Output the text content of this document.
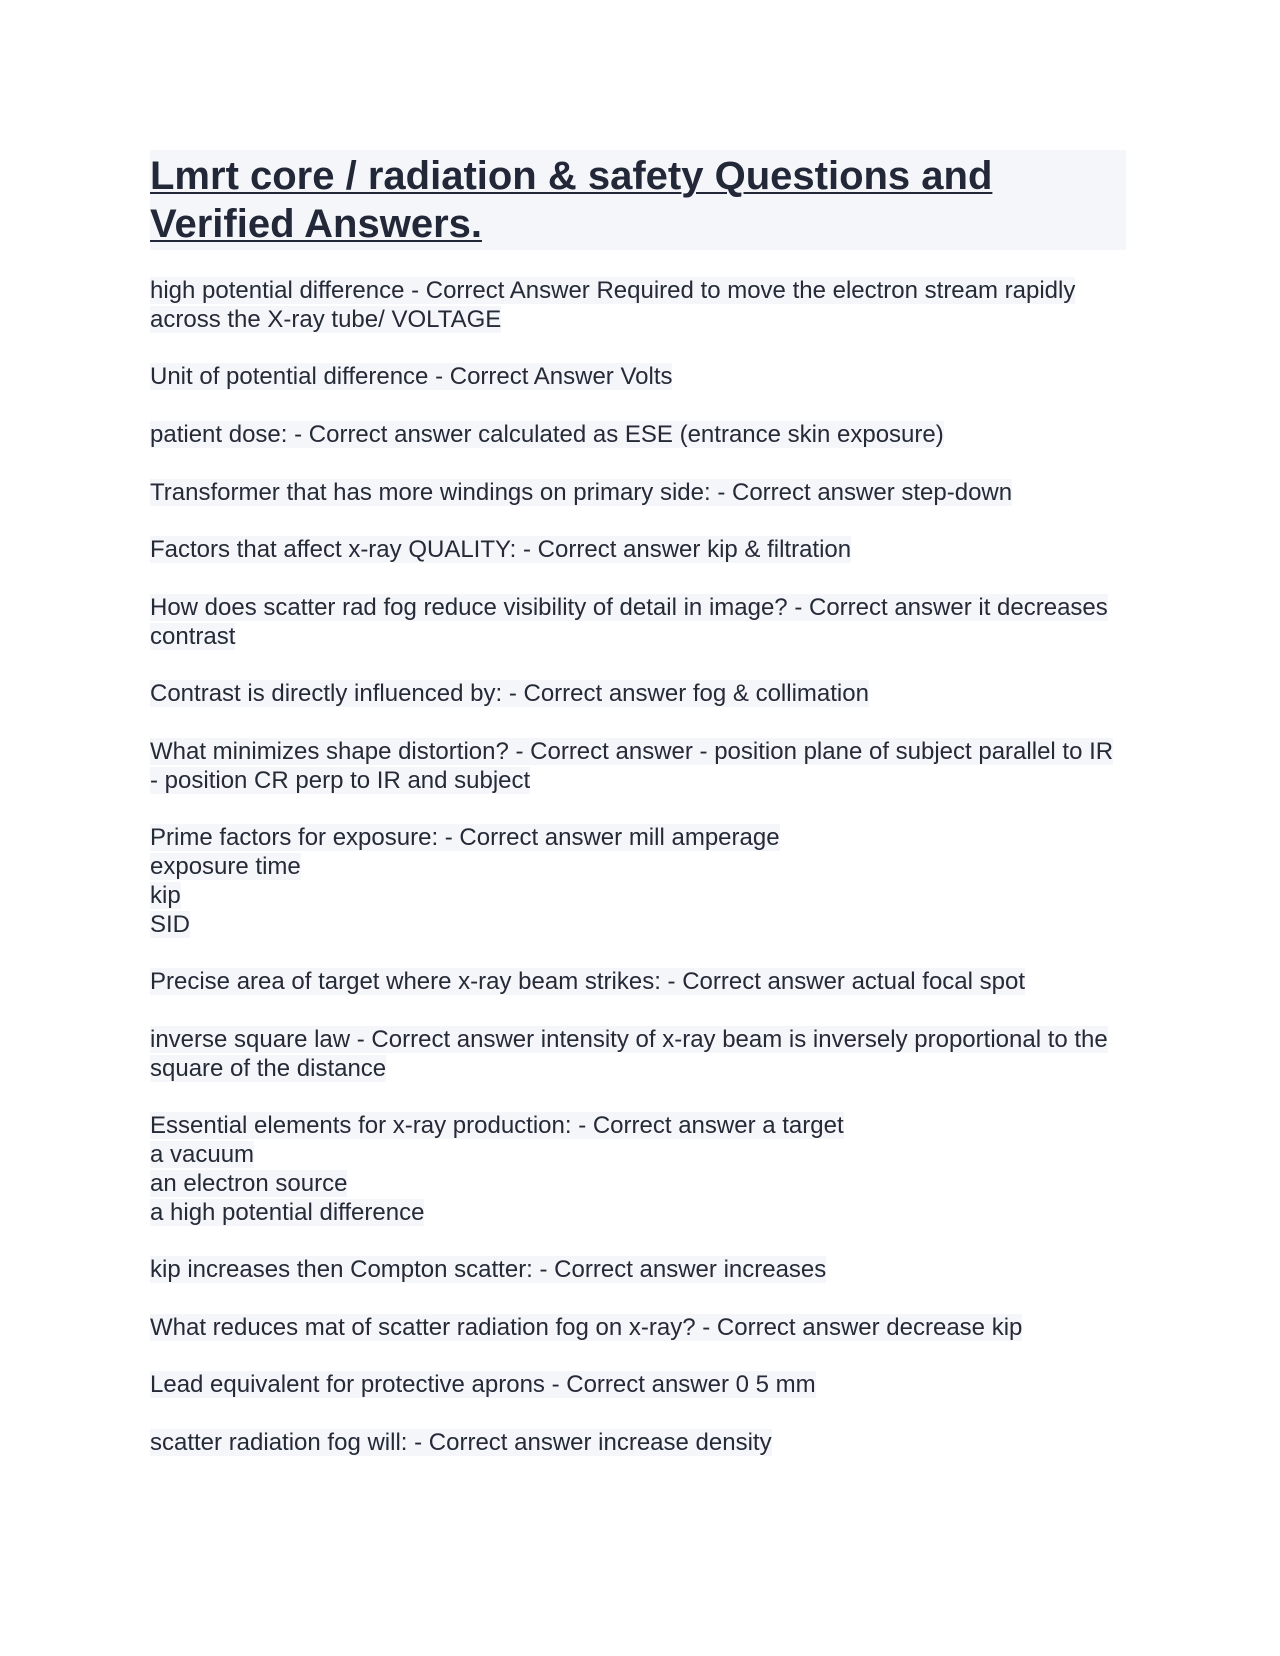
Lmrt core / radiation & safety Questions and Verified Answers.
high potential difference - Correct Answer Required to move the electron stream rapidly across the X-ray tube/ VOLTAGE
Unit of potential difference - Correct Answer Volts
patient dose: - Correct answer calculated as ESE (entrance skin exposure)
Transformer that has more windings on primary side: - Correct answer step-down
Factors that affect x-ray QUALITY: - Correct answer kip & filtration
How does scatter rad fog reduce visibility of detail in image? - Correct answer it decreases contrast
Contrast is directly influenced by: - Correct answer fog & collimation
What minimizes shape distortion? - Correct answer - position plane of subject parallel to IR
- position CR perp to IR and subject
Prime factors for exposure: - Correct answer mill amperage
exposure time
kip
SID
Precise area of target where x-ray beam strikes: - Correct answer actual focal spot
inverse square law - Correct answer intensity of x-ray beam is inversely proportional to the square of the distance
Essential elements for x-ray production: - Correct answer a target
a vacuum
an electron source
a high potential difference
kip increases then Compton scatter: - Correct answer increases
What reduces mat of scatter radiation fog on x-ray? - Correct answer decrease kip
Lead equivalent for protective aprons - Correct answer 0 5 mm
scatter radiation fog will: - Correct answer increase density
